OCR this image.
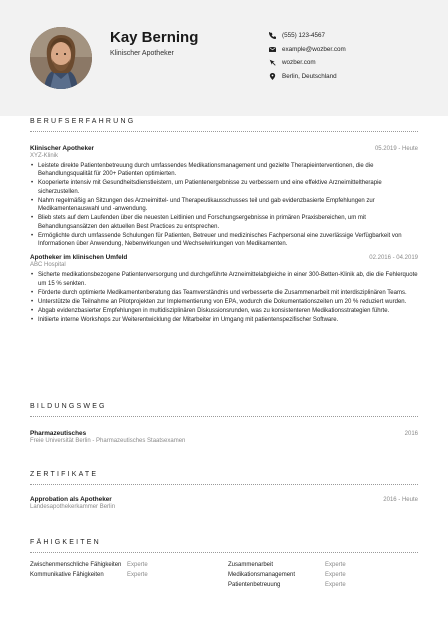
Kay Berning
Klinischer Apotheker
(555) 123-4567
example@wozber.com
wozber.com
Berlin, Deutschland
BERUFSERFAHRUNG
Klinischer Apotheker	05.2019 - Heute
XYZ-Klinik
• Leistete direkte Patientenbetreuung durch umfassendes Medikationsmanagement und gezielte Therapieinterventionen, die die Behandlungsqualität für 200+ Patienten optimierten.
• Kooperierte intensiv mit Gesundheitsdienstleistern, um Patientenergebnisse zu verbessern und eine effektive Arzneimitteltherapie sicherzustellen.
• Nahm regelmäßig an Sitzungen des Arzneimittel- und Therapeutikausschusses teil und gab evidenzbasierte Empfehlungen zur Medikamentenauswahl und -anwendung.
• Blieb stets auf dem Laufenden über die neuesten Leitlinien und Forschungsergebnisse in primären Praxisbereichen, um mit Behandlungsansätzen den aktuellen Best Practices zu entsprechen.
• Ermöglichte durch umfassende Schulungen für Patienten, Betreuer und medizinisches Fachpersonal eine zuverlässige Verfügbarkeit von Informationen über Anwendung, Nebenwirkungen und Wechselwirkungen von Medikamenten.
Apotheker im klinischen Umfeld	02.2016 - 04.2019
ABC Hospital
• Sicherte medikationsbezogene Patientenversorgung und durchgeführte Arzneimittelabgleiche in einer 300-Betten-Klinik ab, die die Fehlerquote um 15 % senkten.
• Förderte durch optimierte Medikamentenberatung das Teamverständnis und verbesserte die Zusammenarbeit mit interdisziplinären Teams.
• Unterstützte die Teilnahme an Pilotprojekten zur Implementierung von EPA, wodurch die Dokumentationszeiten um 20 % reduziert wurden.
• Abgab evidenzbasierter Empfehlungen in multidisziplinären Diskussionsrunden, was zu konsistenteren Medikationsstrategien führte.
• Initiierte interne Workshops zur Weiterentwicklung der Mitarbeiter im Umgang mit patientenspezifischer Software.
BILDUNGSWEG
Pharmazeutisches	2016
Freie Universität Berlin - Pharmazeutisches Staatsexamen
ZERTIFIKATE
Approbation als Apotheker	2016 - Heute
Landesapothekerkammer Berlin
FÄHIGKEITEN
Zwischenmenschliche Fähigkeiten Experte	Zusammenarbeit	Experte
Kommunikative Fähigkeiten	Experte	Medikationsmanagement	Experte
Patientenbetreuung	Experte
